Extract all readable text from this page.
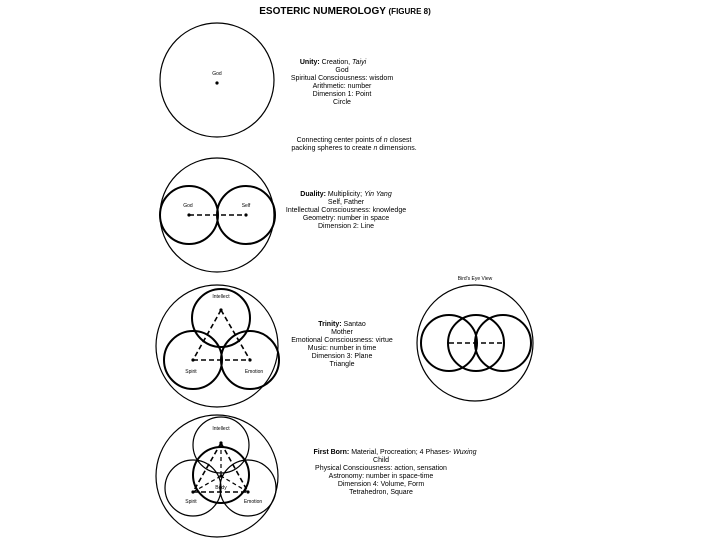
ESOTERIC NUMEROLOGY (FIGURE 8)
God
Unity: Creation, Taiyi
God
Spiritual Consciousness: wisdom
Arithmetic: number
Dimension 1: Point
Circle
Connecting center points of n closest
packing spheres to create n dimensions.
God	Self
Duality: Multiplicity; Yin Yang
Self, Father
Intellectual Consciousness: knowledge
Geometry: number in space
Dimension 2: Line
Intellect
Spirit	Emotion
Trinity: Santao
Mother
Emotional Consciousness: virtue
Music: number in time
Dimension 3: Plane
Triangle
Bird's Eye View
Intellect
Spirit	Emotion
Body
First Born: Material, Procreation; 4 Phases- Wuxing
Child
Physical Consciousness: action, sensation
Astronomy: number in space-time
Dimension 4: Volume, Form
Tetrahedron, Square
